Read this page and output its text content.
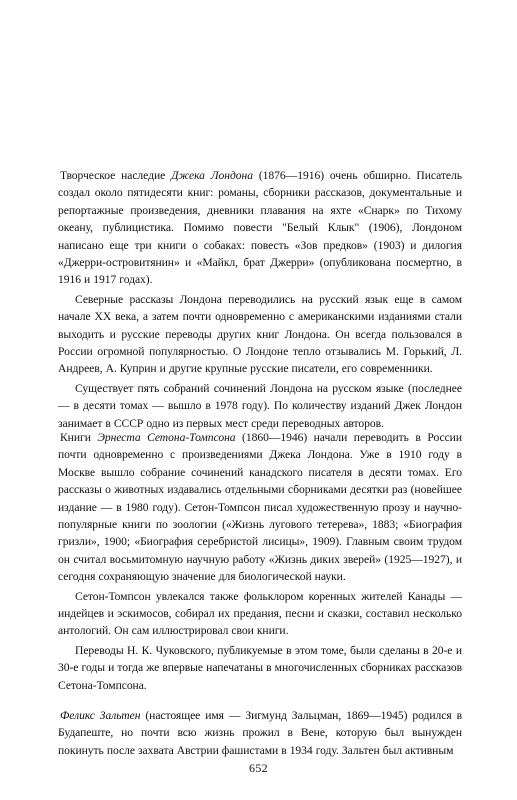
Творческое наследие Джека Лондона (1876—1916) очень обширно. Писатель создал около пятидесяти книг: романы, сборники рассказов, документальные и репортажные произведения, дневники плавания на яхте «Снарк» по Тихому океану, публицистика. Помимо повести "Белый Клык" (1906), Лондоном написано еще три книги о собаках: повесть «Зов предков» (1903) и дилогия «Джерри-островитянин» и «Майкл, брат Джерри» (опубликована посмертно, в 1916 и 1917 годах).

Северные рассказы Лондона переводились на русский язык еще в самом начале XX века, а затем почти одновременно с американскими изданиями стали выходить и русские переводы других книг Лондона. Он всегда пользовался в России огромной популярностью. О Лондоне тепло отзывались М. Горький, Л. Андреев, А. Куприн и другие крупные русские писатели, его современники.

Существует пять собраний сочинений Лондона на русском языке (последнее — в десяти томах — вышло в 1978 году). По количеству изданий Джек Лондон занимает в СССР одно из первых мест среди переводных авторов.

Книги Эрнеста Сетона-Томпсона (1860—1946) начали переводить в России почти одновременно с произведениями Джека Лондона. Уже в 1910 году в Москве вышло собрание сочинений канадского писателя в десяти томах. Его рассказы о животных издавались отдельными сборниками десятки раз (новейшее издание — в 1980 году). Сетон-Томпсон писал художественную прозу и научно-популярные книги по зоологии («Жизнь лугового тетерева», 1883; «Биография гризли», 1900; «Биография серебристой лисицы», 1909). Главным своим трудом он считал восьмитомную научную работу «Жизнь диких зверей» (1925—1927), и сегодня сохраняющую значение для биологической науки.

Сетон-Томпсон увлекался также фольклором коренных жителей Канады — индейцев и эскимосов, собирал их предания, песни и сказки, составил несколько антологий. Он сам иллюстрировал свои книги.

Переводы Н. К. Чуковского, публикуемые в этом томе, были сделаны в 20-е и 30-е годы и тогда же впервые напечатаны в многочисленных сборниках рассказов Сетона-Томпсона.

Феликс Зальтен (настоящее имя — Зигмунд Зальцман, 1869—1945) родился в Будапеште, но почти всю жизнь прожил в Вене, которую был вынужден покинуть после захвата Австрии фашистами в 1934 году. Зальтен был активным

652
